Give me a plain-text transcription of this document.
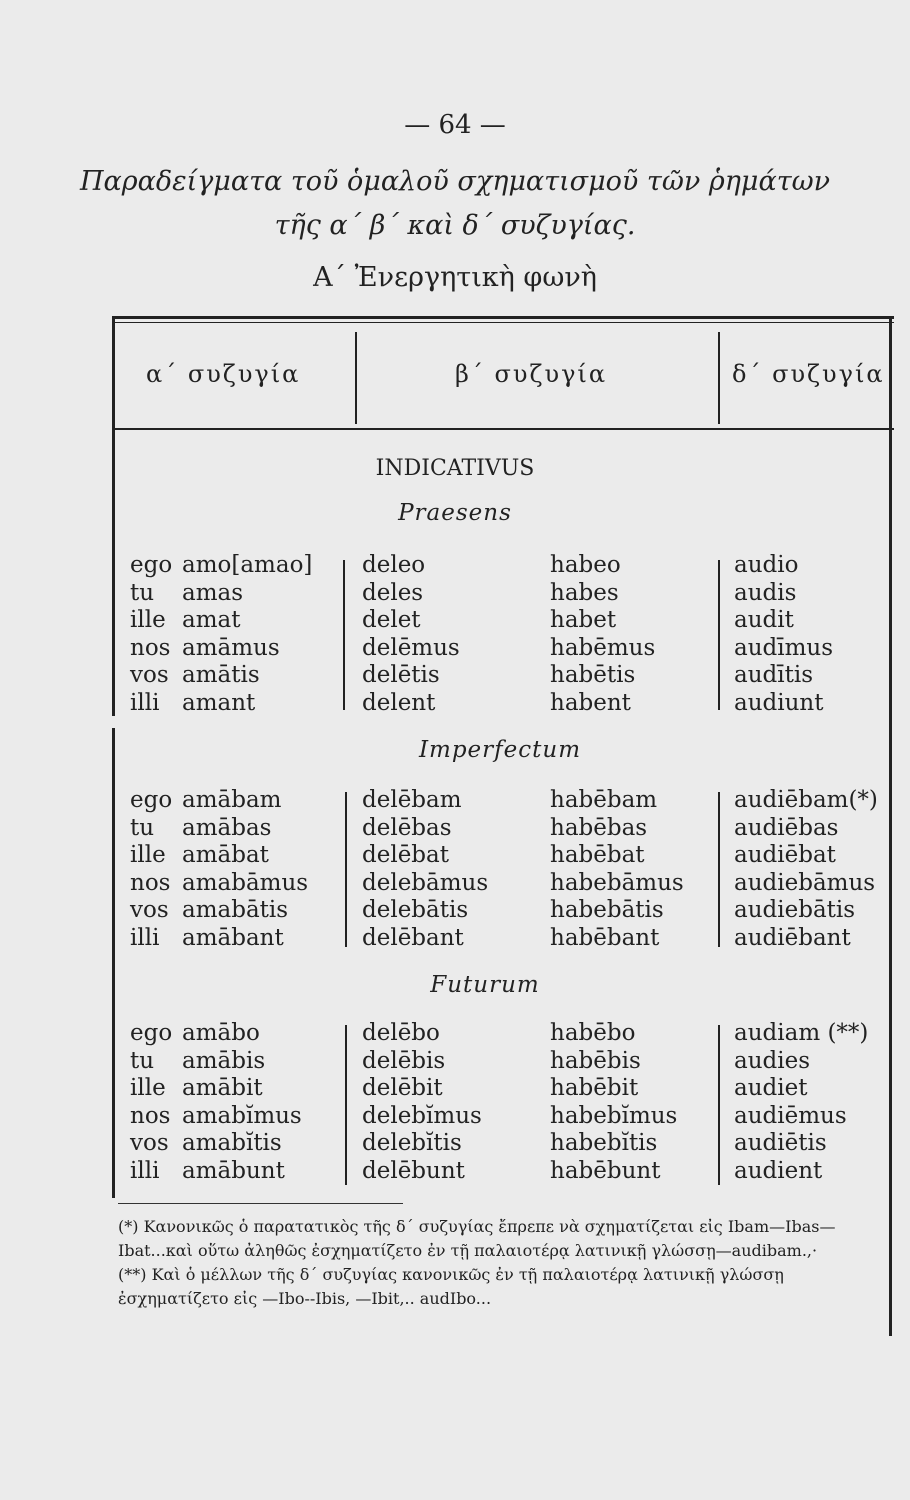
— 64 —
Παραδείγματα τοῦ ὁμαλοῦ σχηματισμοῦ τῶν ῥημάτων
τῆς α΄ β΄ καὶ δ΄ συζυγίας.
Α΄ Ἐνεργητικὴ φωνὴ
α΄ συζυγία	β΄ συζυγία	δ΄ συζυγία
INDICATIVUS
Praesens
ego amo[amao]
tu amas
ille amat
nos amāmus
vos amātis
illi amant
deleo
deles
delet
delēmus
delētis
delent
habeo
habes
habet
habēmus
habētis
habent
audio
audis
audit
audīmus
audītis
audiunt
Imperfectum
ego amābam
tu amābas
ille amābat
nos amabāmus
vos amabātis
illi amābant
delēbam
delēbas
delēbat
delebāmus
delebātis
delēbant
habēbam
habēbas
habēbat
habebāmus
habebātis
habēbant
audiēbam(*)
audiēbas
audiēbat
audiebāmus
audiebātis
audiēbant
Futurum
ego amābo
tu amābis
ille amābit
nos amabĭmus
vos amabĭtis
illi amābunt
delēbo
delēbis
delēbit
delebĭmus
delebĭtis
delēbunt
habēbo
habēbis
habēbit
habebĭmus
habebĭtis
habēbunt
audiam (**)
audies
audiet
audiēmus
audiētis
audient

(*) Κανονικῶς ὁ παρατατικὸς τῆς δ΄ συζυγίας ἔπρεπε νὰ σχηματίζεται εἰς Ibam—Ibas—Ibat...καὶ οὕτω ἀληθῶς ἐσχηματίζετο ἐν τῇ παλαιοτέρᾳ λατινικῇ γλώσσῃ—audibam.,·

(**) Καὶ ὁ μέλλων τῆς δ΄ συζυγίας κανονικῶς ἐν τῇ παλαιοτέρᾳ λατινικῇ γλώσσῃ ἐσχηματίζετο εἰς —Ibo--Ibis, —Ibit,.. audIbo...
